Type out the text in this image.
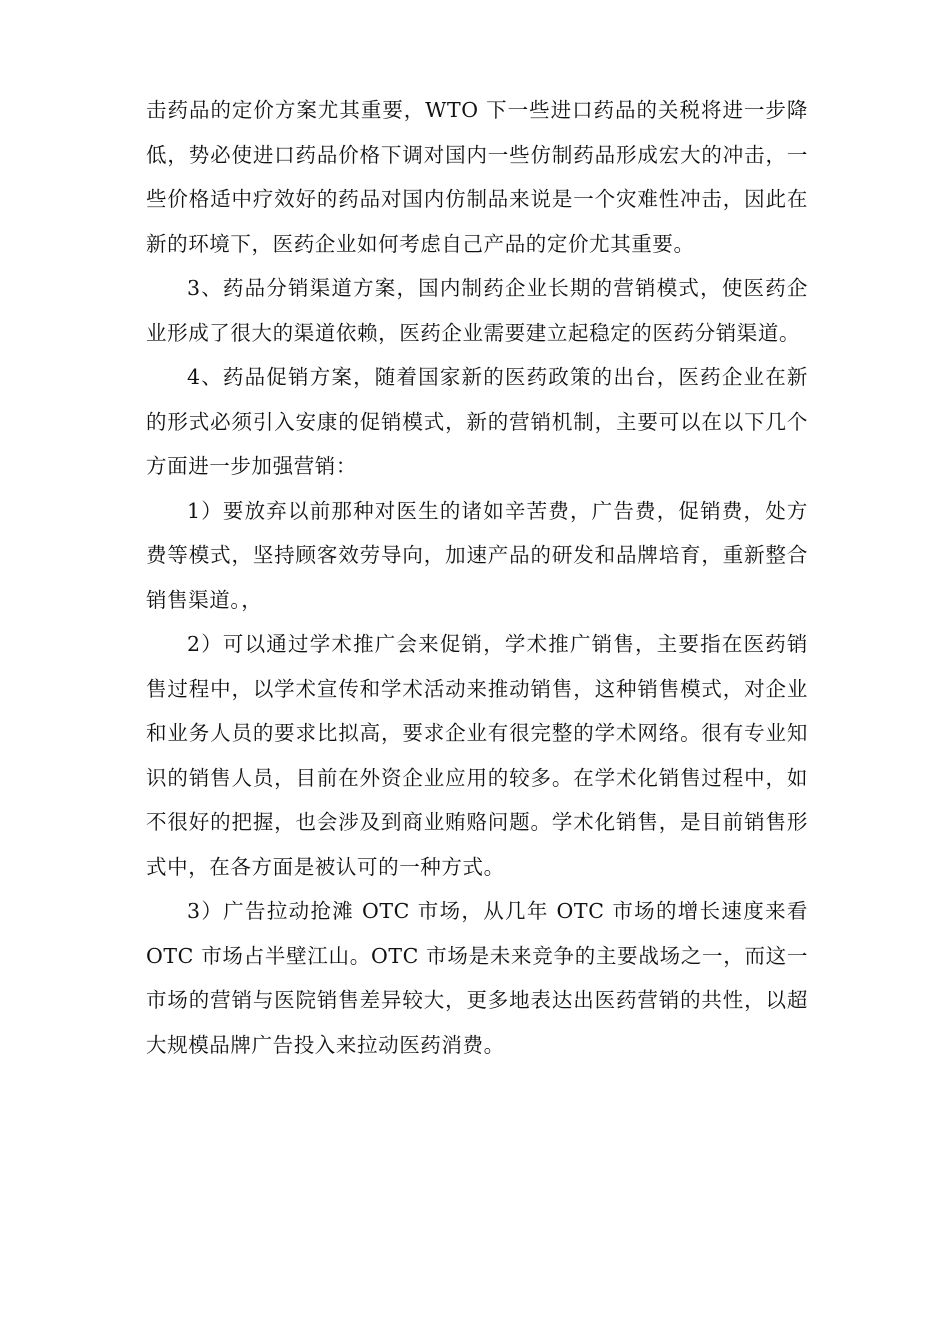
击药品的定价方案尤其重要，WTO 下一些进口药品的关税将进一步降低，势必使进口药品价格下调对国内一些仿制药品形成宏大的冲击，一些价格适中疗效好的药品对国内仿制品来说是一个灾难性冲击，因此在新的环境下，医药企业如何考虑自己产品的定价尤其重要。

3、药品分销渠道方案，国内制药企业长期的营销模式，使医药企业形成了很大的渠道依赖，医药企业需要建立起稳定的医药分销渠道。

4、药品促销方案，随着国家新的医药政策的出台，医药企业在新的形式必须引入安康的促销模式，新的营销机制，主要可以在以下几个方面进一步加强营销：

1）要放弃以前那种对医生的诸如辛苦费，广告费，促销费，处方费等模式，坚持顾客效劳导向，加速产品的研发和品牌培育，重新整合销售渠道。，

2）可以通过学术推广会来促销，学术推广销售，主要指在医药销售过程中，以学术宣传和学术活动来推动销售，这种销售模式，对企业和业务人员的要求比拟高，要求企业有很完整的学术网络。很有专业知识的销售人员，目前在外资企业应用的较多。在学术化销售过程中，如不很好的把握，也会涉及到商业贿赂问题。学术化销售，是目前销售形式中，在各方面是被认可的一种方式。

3）广告拉动抢滩 OTC 市场，从几年 OTC 市场的增长速度来看OTC 市场占半壁江山。OTC 市场是未来竞争的主要战场之一，而这一市场的营销与医院销售差异较大，更多地表达出医药营销的共性，以超大规模品牌广告投入来拉动医药消费。
